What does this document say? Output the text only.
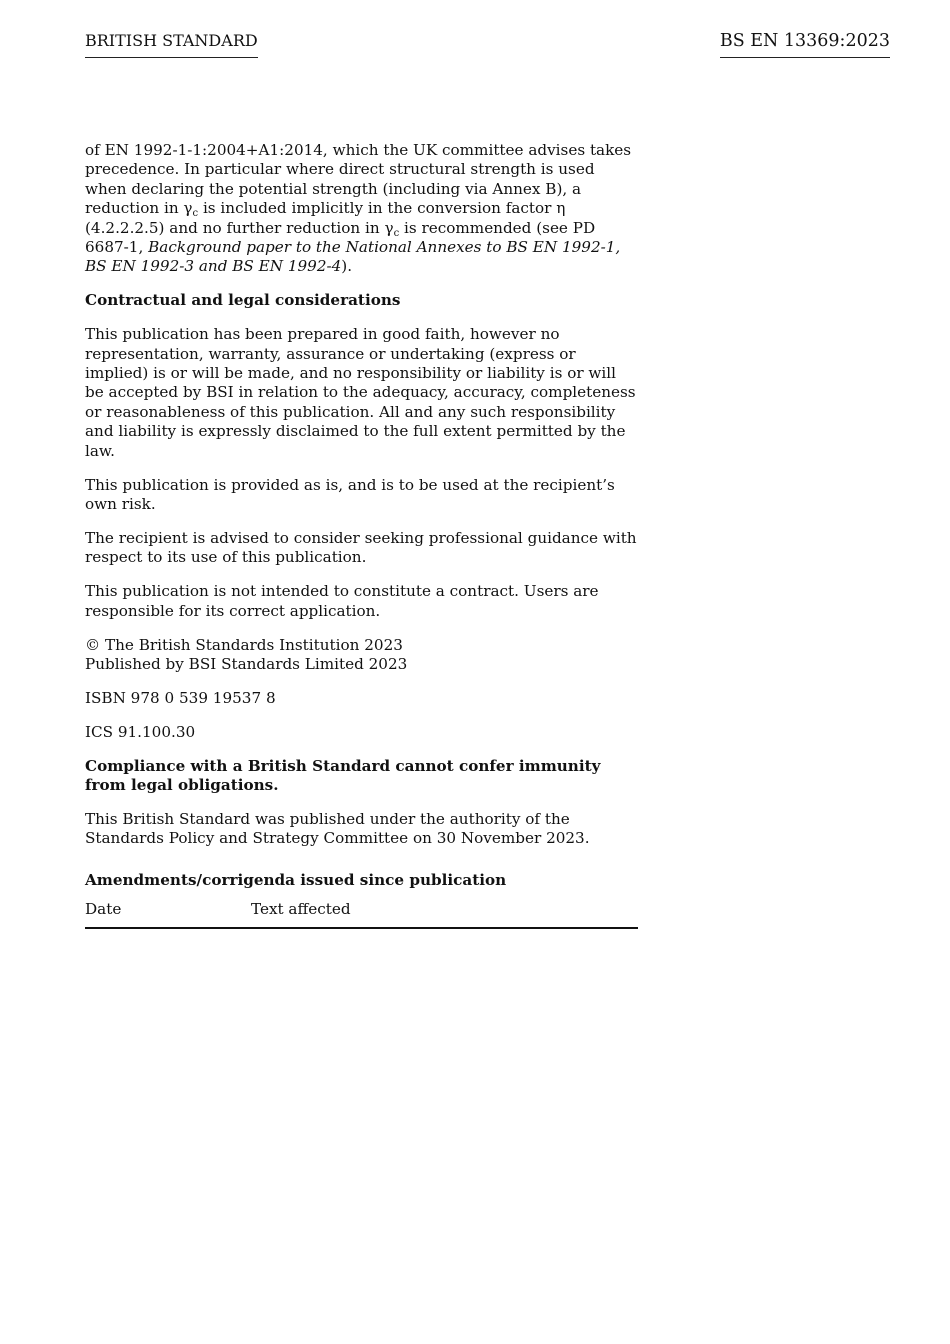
BRITISH STANDARD	BS EN 13369:2023

of EN 1992-1-1:2004+A1:2014, which the UK committee advises takes precedence. In particular where direct structural strength is used when declaring the potential strength (including via Annex B), a reduction in $\gamma_c$ is included implicitly in the conversion factor η (4.2.2.2.5) and no further reduction in $\gamma_c$ is recommended (see PD 6687-1, Background paper to the National Annexes to BS EN 1992-1, BS EN 1992-3 and BS EN 1992-4).

Contractual and legal considerations

This publication has been prepared in good faith, however no representation, warranty, assurance or undertaking (express or implied) is or will be made, and no responsibility or liability is or will be accepted by BSI in relation to the adequacy, accuracy, completeness or reasonableness of this publication. All and any such responsibility and liability is expressly disclaimed to the full extent permitted by the law.

This publication is provided as is, and is to be used at the recipient’s own risk.

The recipient is advised to consider seeking professional guidance with respect to its use of this publication.

This publication is not intended to constitute a contract. Users are responsible for its correct application.

© The British Standards Institution 2023
Published by BSI Standards Limited 2023

ISBN 978 0 539 19537 8

ICS 91.100.30

Compliance with a British Standard cannot confer immunity from legal obligations.

This British Standard was published under the authority of the Standards Policy and Strategy Committee on 30 November 2023.

Amendments/corrigenda issued since publication
Date	Text affected
